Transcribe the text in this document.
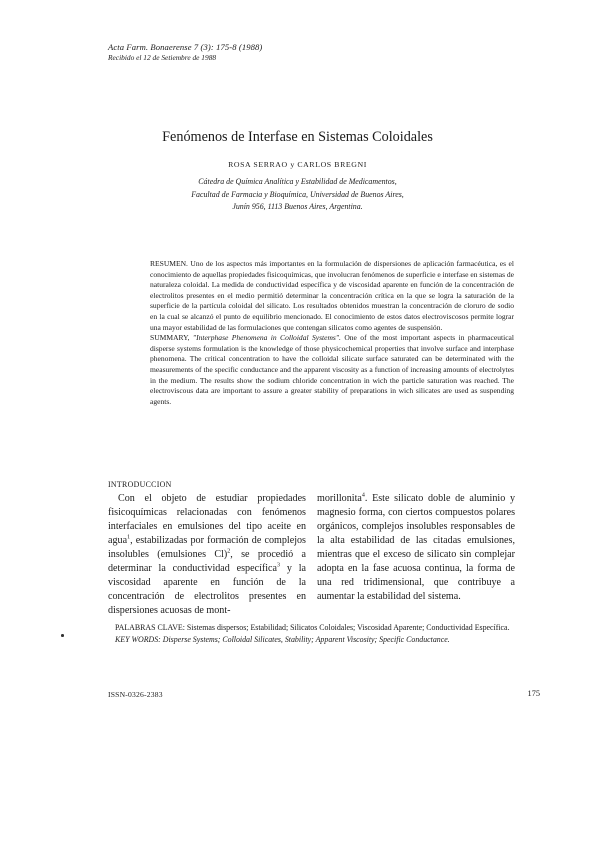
Acta Farm. Bonaerense 7 (3): 175-8 (1988)
Recibido el 12 de Setiembre de 1988
Fenómenos de Interfase en Sistemas Coloidales
ROSA SERRAO y CARLOS BREGNI
Cátedra de Química Analítica y Estabilidad de Medicamentos,
Facultad de Farmacia y Bioquímica, Universidad de Buenos Aires,
Junín 956, 1113 Buenos Aires, Argentina.

RESUMEN. Uno de los aspectos más importantes en la formulación de dispersiones de aplicación farmacéutica, es el conocimiento de aquellas propiedades fisicoquímicas, que involucran fenómenos de superficie e interfase en sistemas de naturaleza coloidal. La medida de conductividad específica y de viscosidad aparente en función de la concentración de electrolitos presentes en el medio permitió determinar la concentración crítica en la que se logra la saturación de la superficie de la partícula coloidal del silicato. Los resultados obtenidos muestran la concentración de cloruro de sodio en la cual se alcanzó el punto de equilibrio mencionado. El conocimiento de estos datos electroviscosos permite lograr una mayor estabilidad de las formulaciones que contengan silicatos como agentes de suspensión.

SUMMARY, "Interphase Phenomena in Colloidal Systems". One of the most important aspects in pharmaceutical disperse systems formulation is the knowledge of those physicochemical properties that involve surface and interphase phenomena. The critical concentration to have the colloidal silicate surface saturated can be determinated with the measurements of the specific conductance and the apparent viscosity as a function of increasing amounts of electrolytes in the medium. The results show the sodium chloride concentration in wich the particle saturation was reached. The electroviscous data are important to assure a greater stability of preparations in wich silicates are used as suspending agents.

INTRODUCCION

Con el objeto de estudiar propiedades fisicoquímicas relacionadas con fenómenos interfaciales en emulsiones del tipo aceite en agua$^1$, estabilizadas por formación de complejos insolubles (emulsiones Cl)$^2$, se procedió a determinar la conductividad específica$^3$ y la viscosidad aparente en función de la concentración de electrolitos presentes en dispersiones acuosas de mont-

morillonita$^4$. Este silicato doble de aluminio y magnesio forma, con ciertos compuestos polares orgánicos, complejos insolubles responsables de la alta estabilidad de las citadas emulsiones, mientras que el exceso de silicato sin complejar adopta en la fase acuosa continua, la forma de una red tridimensional, que contribuye a aumentar la estabilidad del sistema.

PALABRAS CLAVE: Sistemas dispersos; Estabilidad; Silicatos Coloidales; Viscosidad Aparente; Conductividad Específica.

KEY WORDS: Disperse Systems; Colloidal Silicates, Stability; Apparent Viscosity; Specific Conductance.

ISSN-0326-2383	175
